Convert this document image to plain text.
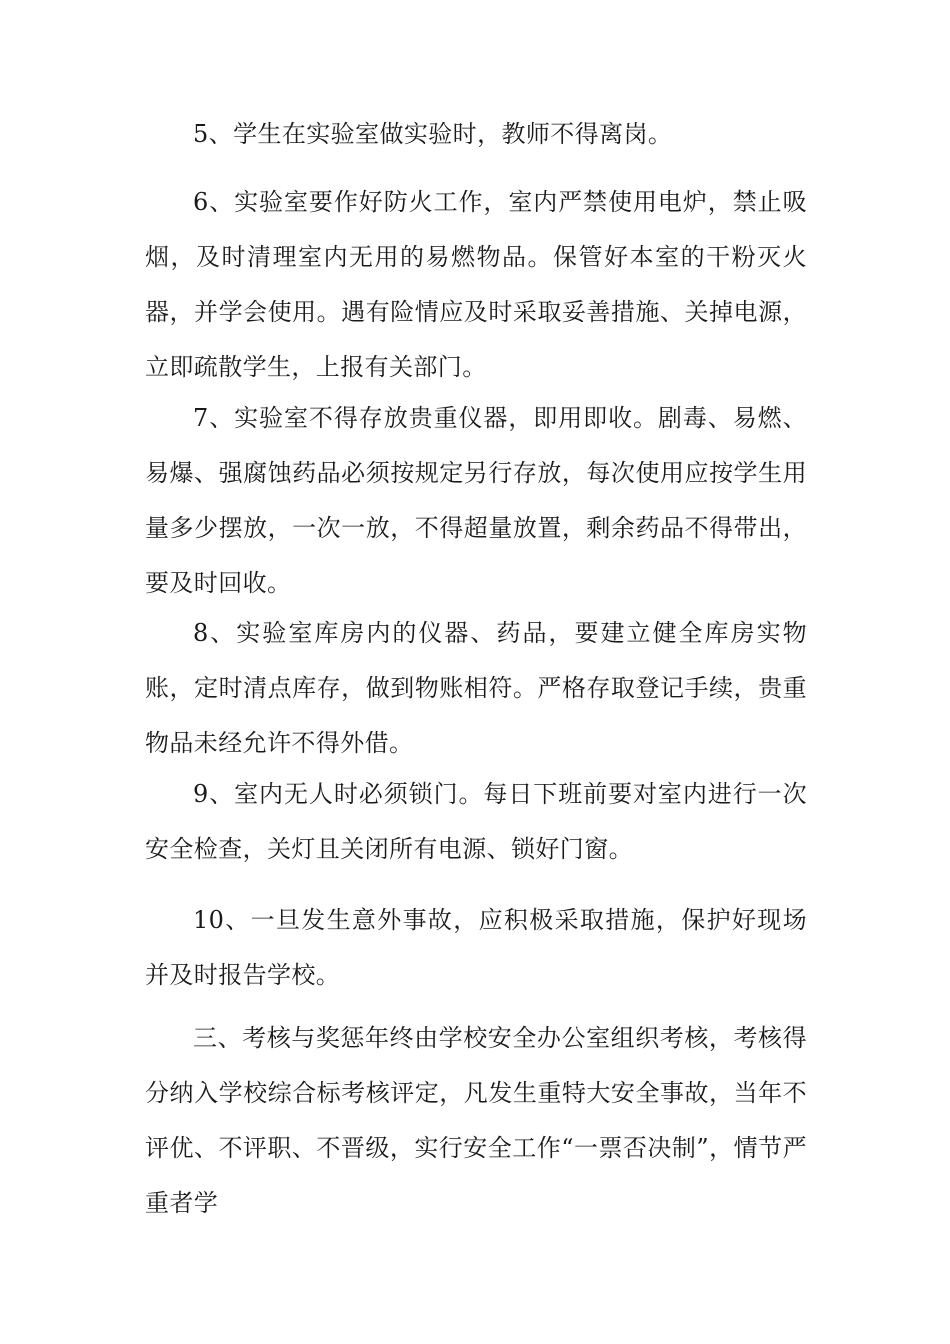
5、学生在实验室做实验时，教师不得离岗。

6、实验室要作好防火工作，室内严禁使用电炉，禁止吸烟，及时清理室内无用的易燃物品。保管好本室的干粉灭火器，并学会使用。遇有险情应及时采取妥善措施、关掉电源，立即疏散学生，上报有关部门。

7、实验室不得存放贵重仪器，即用即收。剧毒、易燃、易爆、强腐蚀药品必须按规定另行存放，每次使用应按学生用量多少摆放，一次一放，不得超量放置，剩余药品不得带出，要及时回收。

8、实验室库房内的仪器、药品，要建立健全库房实物账，定时清点库存，做到物账相符。严格存取登记手续，贵重物品未经允许不得外借。

9、室内无人时必须锁门。每日下班前要对室内进行一次安全检查，关灯且关闭所有电源、锁好门窗。

10、一旦发生意外事故，应积极采取措施，保护好现场并及时报告学校。

三、考核与奖惩年终由学校安全办公室组织考核，考核得分纳入学校综合标考核评定，凡发生重特大安全事故，当年不评优、不评职、不晋级，实行安全工作“一票否决制”，情节严重者学
